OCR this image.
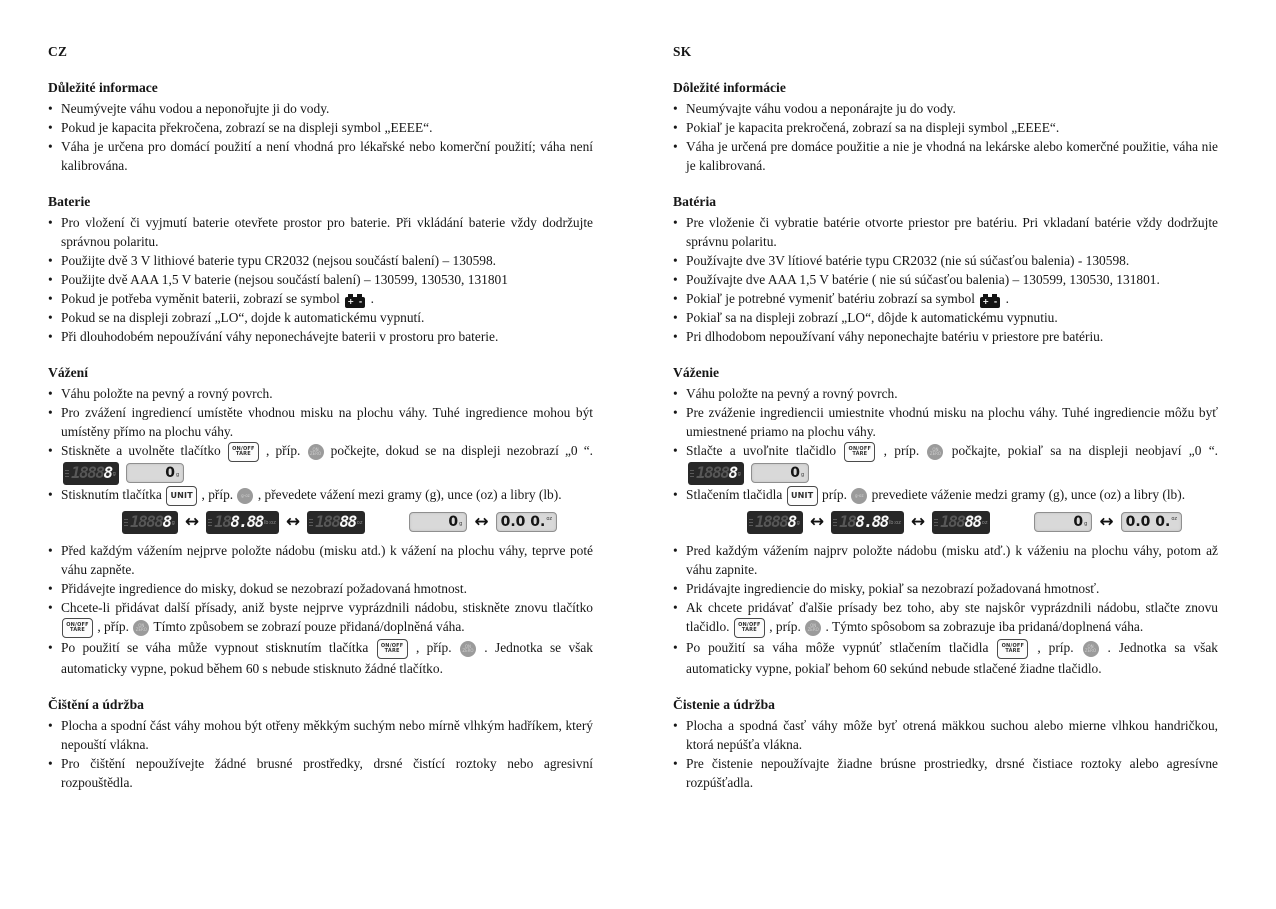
CZ
Důležité informace
• Neumývejte váhu vodou a neponořujte ji do vody.
• Pokud je kapacita překročena, zobrazí se na displeji symbol „EEEE“.
• Váha je určena pro domácí použití a není vhodná pro lékařské nebo komerční použití; váha není kalibrována.
Baterie
• Pro vložení či vyjmutí baterie otevřete prostor pro baterie. Při vkládání baterie vždy dodržujte správnou polaritu.
• Použijte dvě 3 V lithiové baterie typu CR2032 (nejsou součástí balení) – 130598.
• Použijte dvě AAA 1,5 V baterie (nejsou součástí balení) – 130599, 130530, 131801
• Pokud je potřeba vyměnit baterii, zobrazí se symbol + - .
• Pokud se na displeji zobrazí „LO“, dojde k automatickému vypnutí.
• Při dlouhodobém nepoužívání váhy neponechávejte baterii v prostoru pro baterie.
Vážení
• Váhu položte na pevný a rovný povrch.
• Pro zvážení ingrediencí umístěte vhodnou misku na plochu váhy. Tuhé ingredience mohou být umístěny přímo na plochu váhy.
• Stiskněte a uvolněte tlačítko ON/OFF
TARE , příp. ON
ZERO počkejte, dokud se na displeji nezobrazí „0 “.
18888 g
	0 g
• Stisknutím tlačítka UNIT , příp. g-oz , převedete vážení mezi gramy (g), unce (oz) a libry (lb).
18888 g ↔ 188.88 lb:oz ↔ 18888 oz	0 g ↔ 0.0 0. oz
• Před každým vážením nejprve položte nádobu (misku atd.) k vážení na plochu váhy, teprve poté váhu zapněte.
• Přidávejte ingredience do misky, dokud se nezobrazí požadovaná hmotnost.
• Chcete-li přidávat další přísady, aniž byste nejprve vyprázdnili nádobu, stiskněte znovu tlačítko
ON/OFF
TARE , příp. ON
ZERO Tímto způsobem se zobrazí pouze přidaná/doplněná váha.
• Po použití se váha může vypnout stisknutím tlačítka ON/OFF
TARE , příp. ON
ZERO . Jednotka se však automaticky vypne, pokud během 60 s nebude stisknuto žádné tlačítko.
Čištění a údržba
• Plocha a spodní část váhy mohou být otřeny měkkým suchým nebo mírně vlhkým hadříkem, který nepouští vlákna.
• Pro čištění nepoužívejte žádné brusné prostředky, drsné čistící roztoky nebo agresivní rozpouštědla.
SK
Dôležité informácie
• Neumývajte váhu vodou a neponárajte ju do vody.
• Pokiaľ je kapacita prekročená, zobrazí sa na displeji symbol „EEEE“.
• Váha je určená pre domáce použitie a nie je vhodná na lekárske alebo komerčné použitie, váha nie je kalibrovaná.
Batéria
• Pre vloženie či vybratie batérie otvorte priestor pre batériu. Pri vkladaní batérie vždy dodržujte správnu polaritu.
• Používajte dve 3V lítiové batérie typu CR2032 (nie sú súčasťou balenia) - 130598.
• Používajte dve AAA 1,5 V batérie ( nie sú súčasťou balenia) – 130599, 130530, 131801.
• Pokiaľ je potrebné vymeniť batériu zobrazí sa symbol + - .
• Pokiaľ sa na displeji zobrazí „LO“, dôjde k automatickému vypnutiu.
• Pri dlhodobom nepoužívaní váhy neponechajte batériu v priestore pre batériu.
Váženie
• Váhu položte na pevný a rovný povrch.
• Pre zváženie ingrediencii umiestnite vhodnú misku na plochu váhy. Tuhé ingrediencie môžu byť umiestnené priamo na plochu váhy.
• Stlačte a uvoľnite tlačidlo ON/OFF
TARE , príp. ON
ZERO počkajte, pokiaľ sa na displeji neobjaví „0 “.
18888 g
	0 g
• Stlačením tlačidla UNIT príp. g-oz prevediete váženie medzi gramy (g), unce (oz) a libry (lb).
18888 g ↔ 188.88 lb:oz ↔ 18888 oz	0 g ↔ 0.0 0. oz
• Pred každým vážením najprv položte nádobu (misku atď.) k váženiu na plochu váhy, potom až váhu zapnite.
• Pridávajte ingrediencie do misky, pokiaľ sa nezobrazí požadovaná hmotnosť.
• Ak chcete pridávať ďalšie prísady bez toho, aby ste najskôr vyprázdnili nádobu, stlačte znovu tlačidlo. ON/OFF
TARE , príp. ON
ZERO . Týmto spôsobom sa zobrazuje iba pridaná/doplnená váha.
• Po použití sa váha môže vypnúť stlačením tlačidla ON/OFF
TARE , príp. ON
ZERO . Jednotka sa však automaticky vypne, pokiaľ behom 60 sekúnd nebude stlačené žiadne tlačidlo.
Čistenie a údržba
• Plocha a spodná časť váhy môže byť otrená mäkkou suchou alebo mierne vlhkou handričkou, ktorá nepúšťa vlákna.
• Pre čistenie nepoužívajte žiadne brúsne prostriedky, drsné čistiace roztoky alebo agresívne rozpúšťadla.
